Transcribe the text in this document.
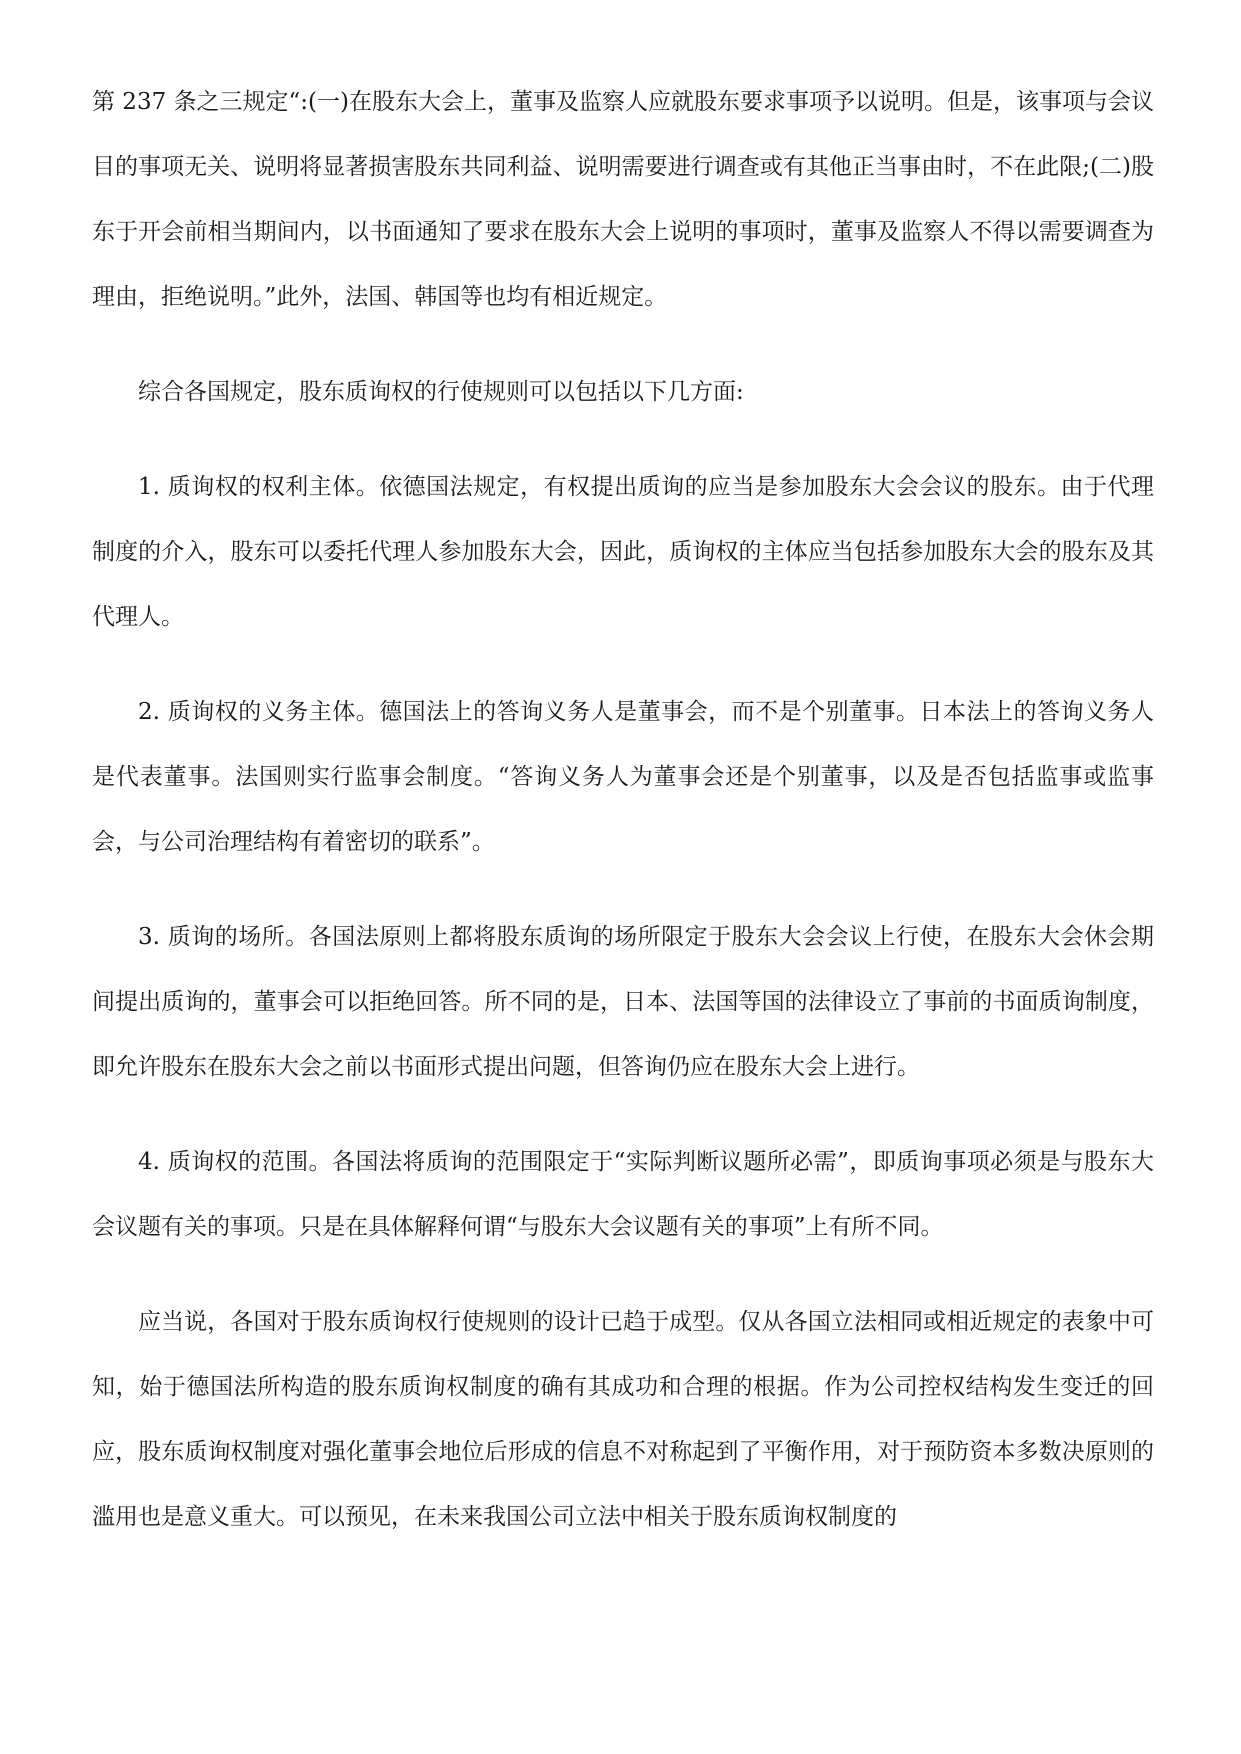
第 237 条之三规定“:(一)在股东大会上，董事及监察人应就股东要求事项予以说明。但是，该事项与会议目的事项无关、说明将显著损害股东共同利益、说明需要进行调查或有其他正当事由时，不在此限;(二)股东于开会前相当期间内，以书面通知了要求在股东大会上说明的事项时，董事及监察人不得以需要调查为理由，拒绝说明。”此外，法国、韩国等也均有相近规定。

综合各国规定，股东质询权的行使规则可以包括以下几方面:

1. 质询权的权利主体。依德国法规定，有权提出质询的应当是参加股东大会会议的股东。由于代理制度的介入，股东可以委托代理人参加股东大会，因此，质询权的主体应当包括参加股东大会的股东及其代理人。

2. 质询权的义务主体。德国法上的答询义务人是董事会，而不是个别董事。日本法上的答询义务人是代表董事。法国则实行监事会制度。“答询义务人为董事会还是个别董事，以及是否包括监事或监事会，与公司治理结构有着密切的联系”。

3. 质询的场所。各国法原则上都将股东质询的场所限定于股东大会会议上行使，在股东大会休会期间提出质询的，董事会可以拒绝回答。所不同的是，日本、法国等国的法律设立了事前的书面质询制度，即允许股东在股东大会之前以书面形式提出问题，但答询仍应在股东大会上进行。

4. 质询权的范围。各国法将质询的范围限定于“实际判断议题所必需”，即质询事项必须是与股东大会议题有关的事项。只是在具体解释何谓“与股东大会议题有关的事项”上有所不同。

应当说，各国对于股东质询权行使规则的设计已趋于成型。仅从各国立法相同或相近规定的表象中可知，始于德国法所构造的股东质询权制度的确有其成功和合理的根据。作为公司控权结构发生变迁的回应，股东质询权制度对强化董事会地位后形成的信息不对称起到了平衡作用，对于预防资本多数决原则的滥用也是意义重大。可以预见，在未来我国公司立法中相关于股东质询权制度的
